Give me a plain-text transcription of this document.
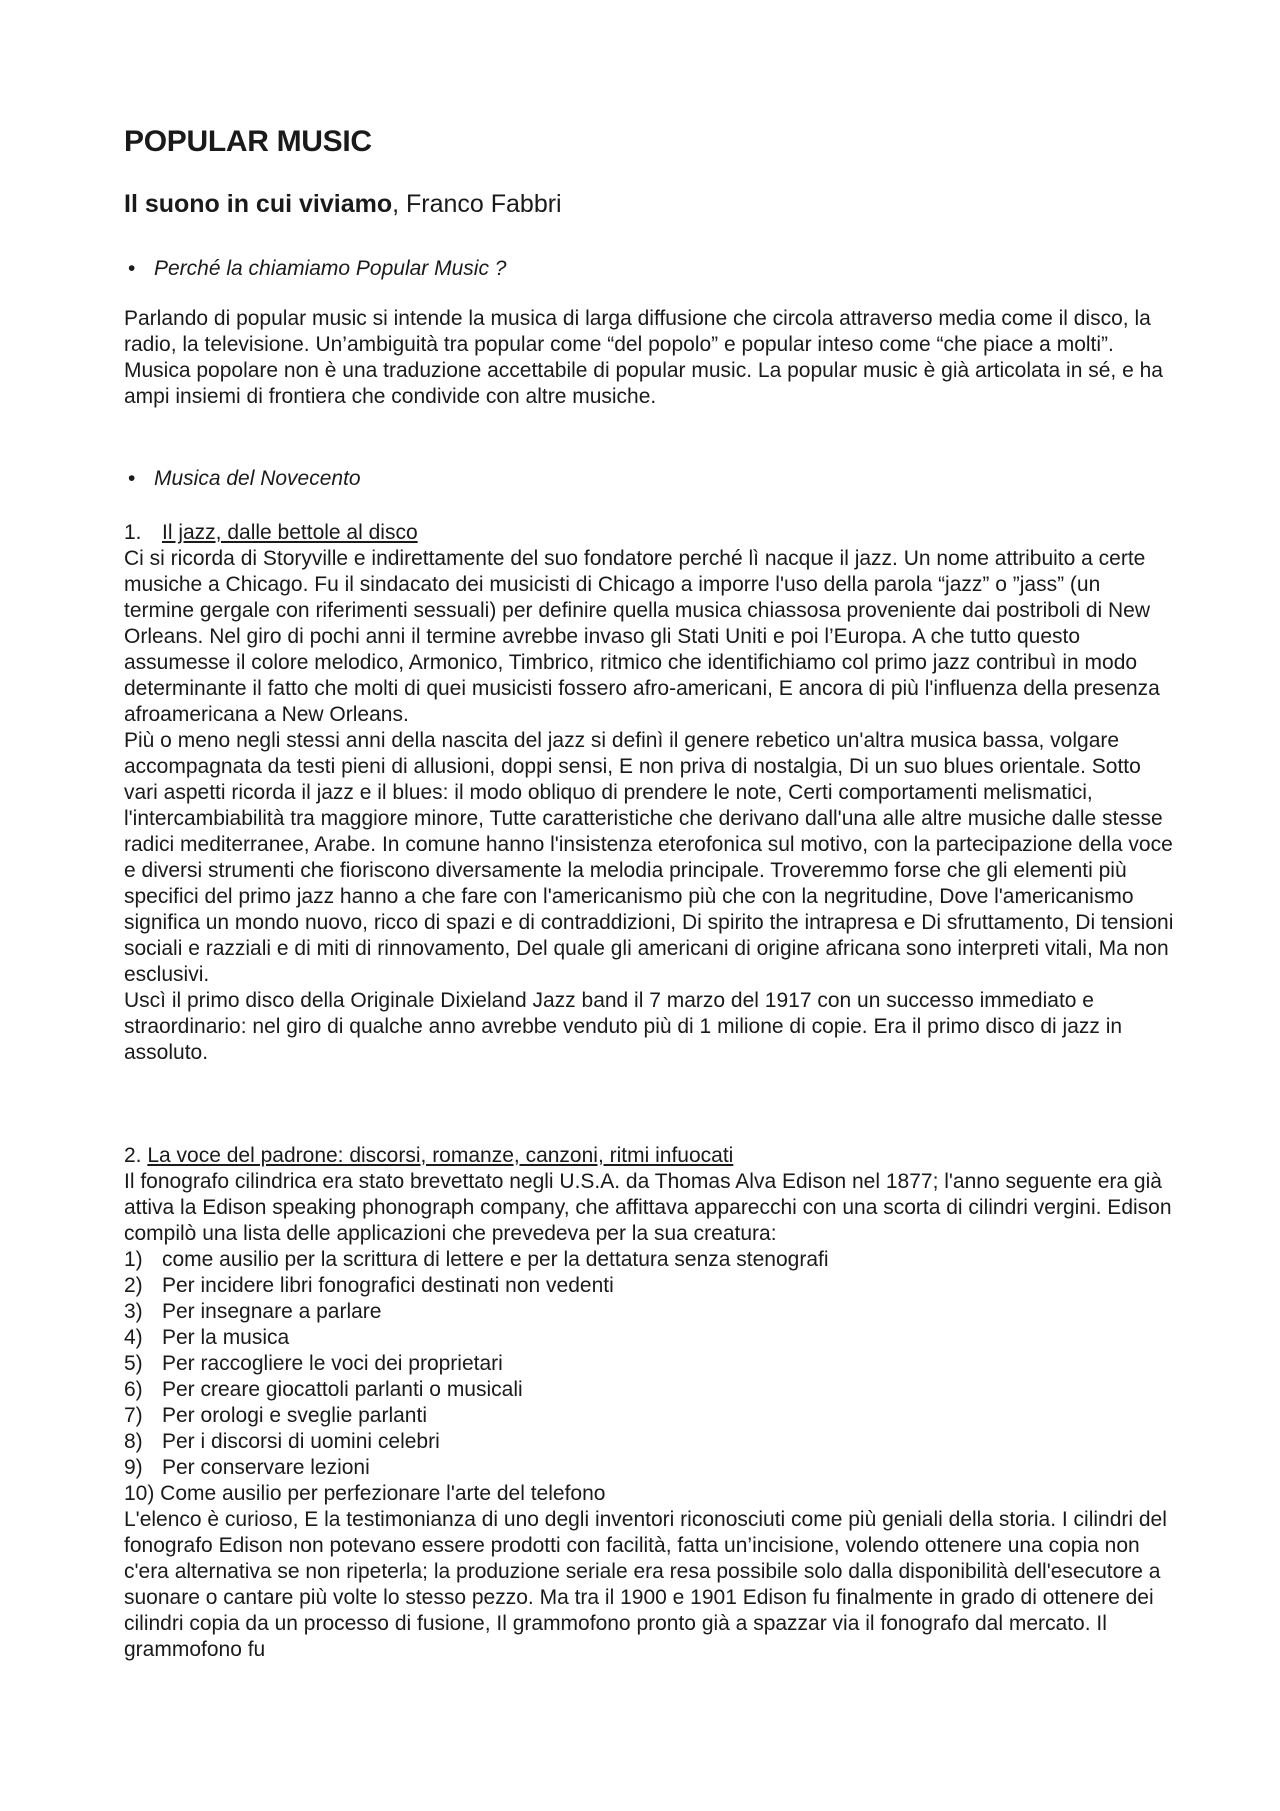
POPULAR MUSIC
Il suono in cui viviamo, Franco Fabbri
• Perché la chiamiamo Popular Music ?

Parlando di popular music si intende la musica di larga diffusione che circola attraverso media come il disco, la radio, la televisione. Un’ambiguità tra popular come “del popolo” e popular inteso come “che piace a molti”. Musica popolare non è una traduzione accettabile di popular music. La popular music è già articolata in sé, e ha ampi insiemi di frontiera che condivide con altre musiche.

• Musica del Novecento

1. Il jazz, dalle bettole al disco

Ci si ricorda di Storyville e indirettamente del suo fondatore perché lì nacque il jazz. Un nome attribuito a certe musiche a Chicago. Fu il sindacato dei musicisti di Chicago a imporre l'uso della parola “jazz” o ”jass” (un termine gergale con riferimenti sessuali) per definire quella musica chiassosa proveniente dai postriboli di New Orleans. Nel giro di pochi anni il termine avrebbe invaso gli Stati Uniti e poi l’Europa. A che tutto questo assumesse il colore melodico, Armonico, Timbrico, ritmico che identifichiamo col primo jazz contribuì in modo determinante il fatto che molti di quei musicisti fossero afro-americani, E ancora di più l'influenza della presenza afroamericana a New Orleans.

Più o meno negli stessi anni della nascita del jazz si definì il genere rebetico un'altra musica bassa, volgare accompagnata da testi pieni di allusioni, doppi sensi, E non priva di nostalgia, Di un suo blues orientale. Sotto vari aspetti ricorda il jazz e il blues: il modo obliquo di prendere le note, Certi comportamenti melismatici, l'intercambiabilità tra maggiore minore, Tutte caratteristiche che derivano dall'una alle altre musiche dalle stesse radici mediterranee, Arabe. In comune hanno l'insistenza eterofonica sul motivo, con la partecipazione della voce e diversi strumenti che fioriscono diversamente la melodia principale. Troveremmo forse che gli elementi più specifici del primo jazz hanno a che fare con l'americanismo più che con la negritudine, Dove l'americanismo significa un mondo nuovo, ricco di spazi e di contraddizioni, Di spirito the intrapresa e Di sfruttamento, Di tensioni sociali e razziali e di miti di rinnovamento, Del quale gli americani di origine africana sono interpreti vitali, Ma non esclusivi.

Uscì il primo disco della Originale Dixieland Jazz band il 7 marzo del 1917 con un successo immediato e straordinario: nel giro di qualche anno avrebbe venduto più di 1 milione di copie. Era il primo disco di jazz in assoluto.

2. La voce del padrone: discorsi, romanze, canzoni, ritmi infuocati

Il fonografo cilindrica era stato brevettato negli U.S.A. da Thomas Alva Edison nel 1877; l'anno seguente era già attiva la Edison speaking phonograph company, che affittava apparecchi con una scorta di cilindri vergini. Edison compilò una lista delle applicazioni che prevedeva per la sua creatura:

1) come ausilio per la scrittura di lettere e per la dettatura senza stenografi
2) Per incidere libri fonografici destinati non vedenti
3) Per insegnare a parlare
4) Per la musica
5) Per raccogliere le voci dei proprietari
6) Per creare giocattoli parlanti o musicali
7) Per orologi e sveglie parlanti
8) Per i discorsi di uomini celebri
9) Per conservare lezioni

10) Come ausilio per perfezionare l'arte del telefono

L'elenco è curioso, E la testimonianza di uno degli inventori riconosciuti come più geniali della storia. I cilindri del fonografo Edison non potevano essere prodotti con facilità, fatta un’incisione, volendo ottenere una copia non c'era alternativa se non ripeterla; la produzione seriale era resa possibile solo dalla disponibilità dell'esecutore a suonare o cantare più volte lo stesso pezzo. Ma tra il 1900 e 1901 Edison fu finalmente in grado di ottenere dei cilindri copia da un processo di fusione, Il grammofono pronto già a spazzar via il fonografo dal mercato. Il grammofono fu
